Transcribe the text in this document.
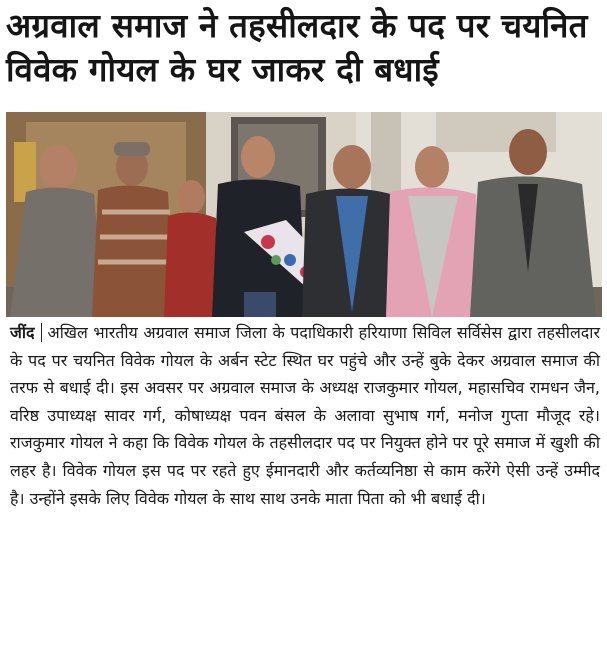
अग्रवाल समाज ने तहसीलदार के पद पर चयनित
विवेक गोयल के घर जाकर दी बधाई

जींद अखिल भारतीय अग्रवाल समाज जिला के पदाधिकारी हरियाणा सिविल सर्विसेस द्वारा तहसीलदार के पद पर चयनित विवेक गोयल के अर्बन स्टेट स्थित घर पहुंचे और उन्हें बुके देकर अग्रवाल समाज की तरफ से बधाई दी। इस अवसर पर अग्रवाल समाज के अध्यक्ष राजकुमार गोयल, महासचिव रामधन जैन, वरिष्ठ उपाध्यक्ष सावर गर्ग, कोषाध्यक्ष पवन बंसल के अलावा सुभाष गर्ग, मनोज गुप्ता मौजूद रहे। राजकुमार गोयल ने कहा कि विवेक गोयल के तहसीलदार पद पर नियुक्त होने पर पूरे समाज में खुशी की लहर है। विवेक गोयल इस पद पर रहते हुए ईमानदारी और कर्तव्यनिष्ठा से काम करेंगे ऐसी उन्हें उम्मीद है। उन्होंने इसके लिए विवेक गोयल के साथ साथ उनके माता पिता को भी बधाई दी।
